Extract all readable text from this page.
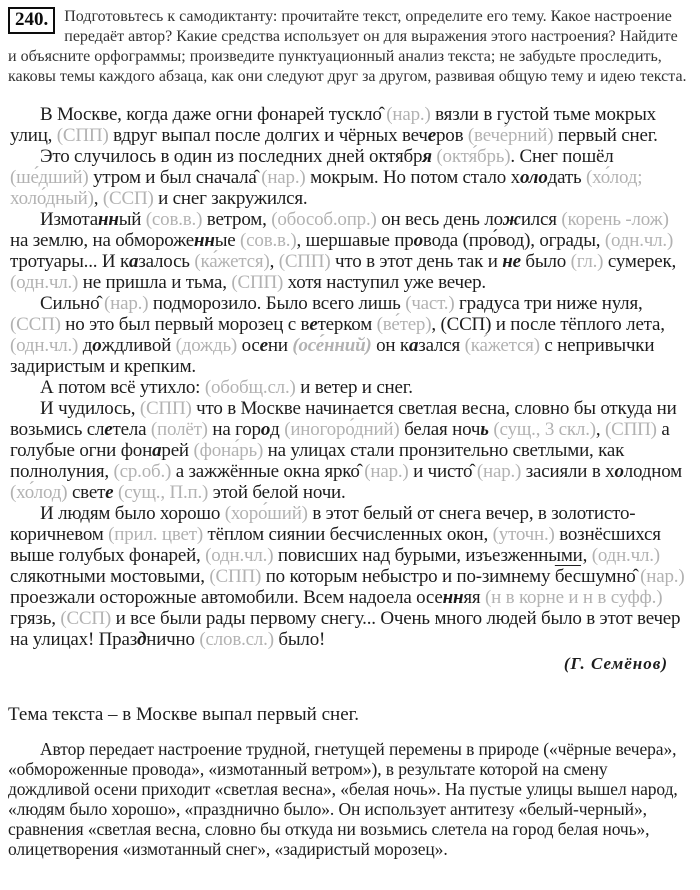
240.	Подготовьтесь к самодиктанту: прочитайте текст, определите его тему. Какое настроение передаёт автор? Какие средства использует он для выражения этого настроения? Найдите и объясните орфограммы; произведите пунктуационный анализ текста; не забудьте проследить, каковы темы каждого абзаца, как они следуют друг за другом, развивая общую тему и идею текста.

В Москве, когда даже огни фонарей тускло̂ (нар.) вязли в густой тьме мокрых улиц, (СПП) вдруг выпал после долгих и чёрных вечеров (вече́рний) первый снег.

Это случилось в один из последних дней октября (октя́брь). Снег пошёл (ше́дший) утром и был сначала̂ (нар.) мокрым. Но потом стало холодать (хо́лод; холо́дный), (ССП) и снег закружился.

Измотанный (сов.в.) ветром, (обособ.опр.) он весь день ложился (корень -лож) на землю, на обмороженные (сов.в.), шершавые провода (про́вод), ограды, (одн.чл.) тротуары... И казалось (ка́жется), (СПП) что в этот день так и не было (гл.) сумерек, (одн.чл.) не пришла и тьма, (СПП) хотя наступил уже вечер.

Сильно̂ (нар.) подморозило. Было всего лишь (част.) градуса три ниже нуля, (ССП) но это был первый морозец с ветерком (ве́тер), (ССП) и после тёплого лета, (одн.чл.) дождливой (дождь) осени (осе́нний) он казался (ка́жется) с непривычки задиристым и крепким.

А потом всё утихло: (обобщ.сл.) и ветер и снег.

И чудилось, (СПП) что в Москве начинается светлая весна, словно бы откуда ни возьмись слетела (полёт) на город (иногоро́дний) белая ночь (сущ., 3 скл.), (СПП) а голубые огни фонарей (фона́рь) на улицах стали пронзительно светлыми, как полнолуния, (ср.об.) а зажжённые окна ярко̂ (нар.) и чисто̂ (нар.) засияли в холодном (хо́лод) свете (сущ., П.п.) этой белой ночи.

И людям было хорошо (хоро́ший) в этот белый от снега вечер, в золотисто-коричневом (прил. цвет) тёплом сиянии бесчисленных окон, (уточн.) вознёсшихся выше голубых фонарей, (одн.чл.) повисших над бурыми, изъезженными, (одн.чл.) слякотными мостовыми, (СПП) по которым небыстро и по-зимнему бесшумно̂ (нар.) проезжали осторожные автомобили. Всем надоела осенняя (н в корне и н в суфф.) грязь, (ССП) и все были рады первому снегу... Очень много людей было в этот вечер на улицах! Празднично (слов.сл.) было!

(Г. Семёнов)
Тема текста – в Москве выпал первый снег.

Автор передает настроение трудной, гнетущей перемены в природе («чёрные вечера», «обмороженные провода», «измотанный ветром»), в результате которой на смену дождливой осени приходит «светлая весна», «белая ночь». На пустые улицы вышел народ, «людям было хорошо», «празднично было». Он использует антитезу «белый-черный», сравнения «светлая весна, словно бы откуда ни возьмись слетела на город белая ночь», олицетворения «измотанный снег», «задиристый морозец».
